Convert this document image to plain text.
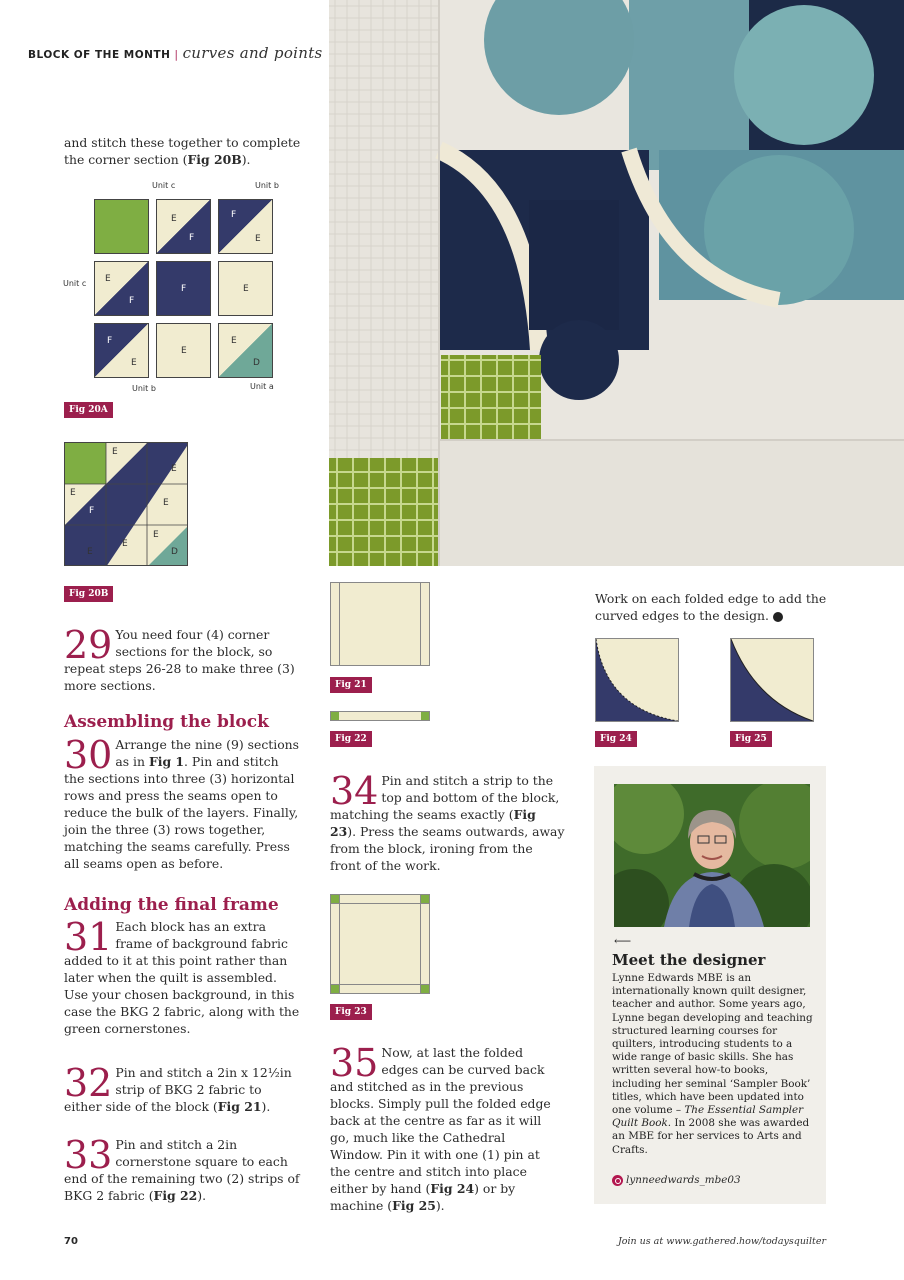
BLOCK OF THE MONTH | curves and points
and stitch these together to complete the corner section (Fig 20B).
Unit c	Unit b
Unit c
Unit b	Unit a
E
F
F
E
E
F
F	E
F
E
E
E
D
Fig 20A
E
E
E
E
E
E
E
D
F
Fig 20B
29 You need four (4) corner sections for the block, so repeat steps 26-28 to make three (3) more sections.
Assembling the block
30 Arrange the nine (9) sections as in Fig 1. Pin and stitch the sections into three (3) horizontal rows and press the seams open to reduce the bulk of the layers. Finally, join the three (3) rows together, matching the seams carefully. Press all seams open as before.
Adding the final frame
31 Each block has an extra frame of background fabric added to it at this point rather than later when the quilt is assembled. Use your chosen background, in this case the BKG 2 fabric, along with the green cornerstones.
32 Pin and stitch a 2in x 12½in strip of BKG 2 fabric to either side of the block (Fig 21).
33 Pin and stitch a 2in cornerstone square to each end of the remaining two (2) strips of BKG 2 fabric (Fig 22).
Fig 21
Fig 22
34 Pin and stitch a strip to the top and bottom of the block, matching the seams exactly (Fig 23). Press the seams outwards, away from the block, ironing from the front of the work.
Fig 23
35 Now, at last the folded edges can be curved back and stitched as in the previous blocks. Simply pull the folded edge back at the centre as far as it will go, much like the Cathedral Window. Pin it with one (1) pin at the centre and stitch into place either by hand (Fig 24) or by machine (Fig 25).
Work on each folded edge to add the curved edges to the design.
Fig 24	Fig 25
⟵
Meet the designer
Lynne Edwards MBE is an internationally known quilt designer, teacher and author. Some years ago, Lynne began developing and teaching structured learning courses for quilters, introducing students to a wide range of basic skills. She has written several how-to books, including her seminal ‘Sampler Book’ titles, which have been updated into one volume – The Essential Sampler Quilt Book. In 2008 she was awarded an MBE for her services to Arts and Crafts.
lynneedwards_mbe03
70	Join us at www.gathered.how/todaysquilter
